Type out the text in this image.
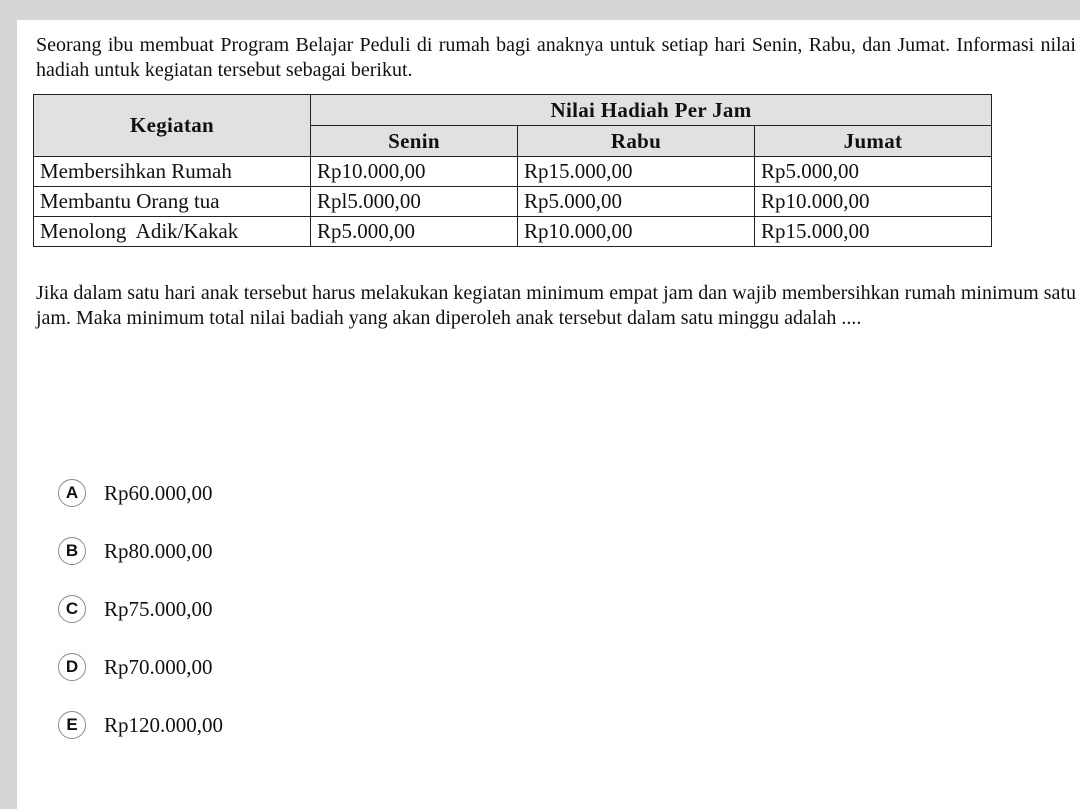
Seorang ibu membuat Program Belajar Peduli di rumah bagi anaknya untuk setiap hari Senin, Rabu, dan Jumat. Informasi nilai hadiah untuk kegiatan tersebut sebagai berikut.

Kegiatan	Nilai Hadiah Per Jam		
	Senin	Rabu	Jumat
Membersihkan Rumah	Rp10.000,00	Rp15.000,00	Rp5.000,00
Membantu Orang tua	Rpl5.000,00	Rp5.000,00	Rp10.000,00
Menolong  Adik/Kakak	Rp5.000,00	Rp10.000,00	Rp15.000,00

Jika dalam satu hari anak tersebut harus melakukan kegiatan minimum empat jam dan wajib membersihkan rumah minimum satu jam. Maka minimum total nilai badiah yang akan diperoleh anak tersebut dalam satu minggu adalah ....

A	Rp60.000,00
B	Rp80.000,00
C	Rp75.000,00
D	Rp70.000,00
E	Rp120.000,00
